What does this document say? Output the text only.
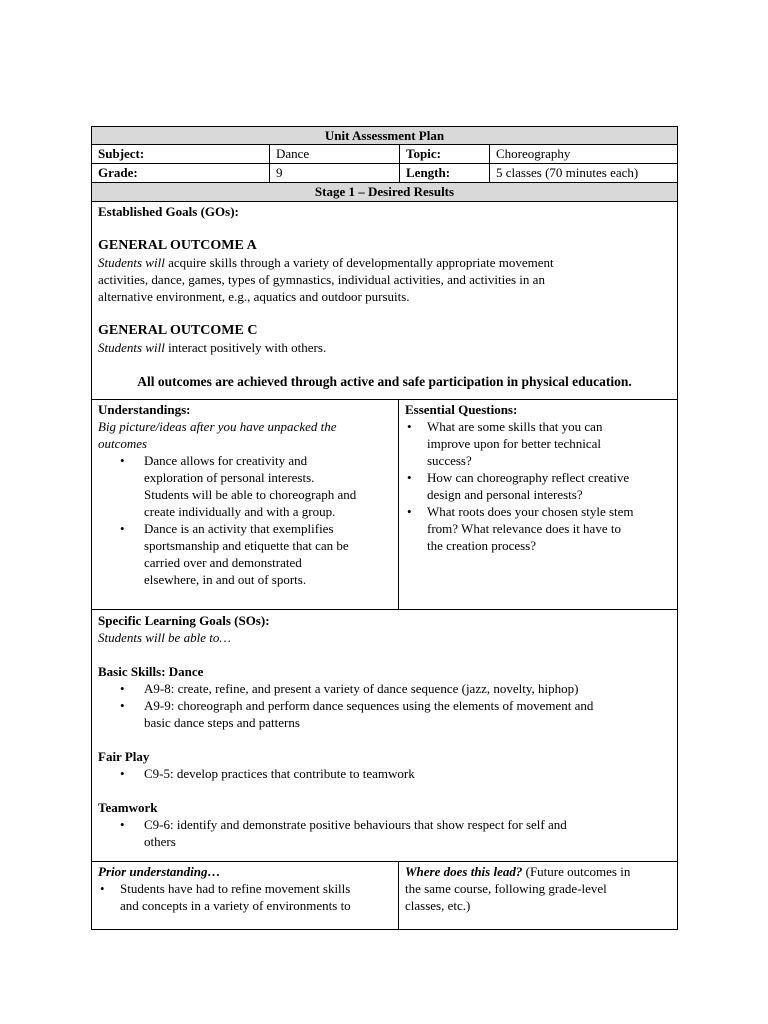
Unit Assessment Plan
Subject:	Dance	Topic:	Choreography
Grade:	9	Length:	5 classes (70 minutes each)
Stage 1 – Desired Results
Established Goals (GOs):
GENERAL OUTCOME A
Students will acquire skills through a variety of developmentally appropriate movement
activities, dance, games, types of gymnastics, individual activities, and activities in an
alternative environment, e.g., aquatics and outdoor pursuits.
GENERAL OUTCOME C
Students will interact positively with others.
All outcomes are achieved through active and safe participation in physical education.
Understandings:
Big picture/ideas after you have unpacked the
outcomes
• Dance allows for creativity and
exploration of personal interests.
Students will be able to choreograph and
create individually and with a group.
• Dance is an activity that exemplifies
sportsmanship and etiquette that can be
carried over and demonstrated
elsewhere, in and out of sports.
Essential Questions:
• What are some skills that you can
improve upon for better technical
success?
• How can choreography reflect creative
design and personal interests?
• What roots does your chosen style stem
from? What relevance does it have to
the creation process?
Specific Learning Goals (SOs):
Students will be able to…
Basic Skills: Dance
• A9-8: create, refine, and present a variety of dance sequence (jazz, novelty, hiphop)
• A9-9: choreograph and perform dance sequences using the elements of movement and
basic dance steps and patterns
Fair Play
• C9-5: develop practices that contribute to teamwork
Teamwork
• C9-6: identify and demonstrate positive behaviours that show respect for self and
others
Prior understanding…
• Students have had to refine movement skills
and concepts in a variety of environments to
Where does this lead? (Future outcomes in
the same course, following grade-level
classes, etc.)
